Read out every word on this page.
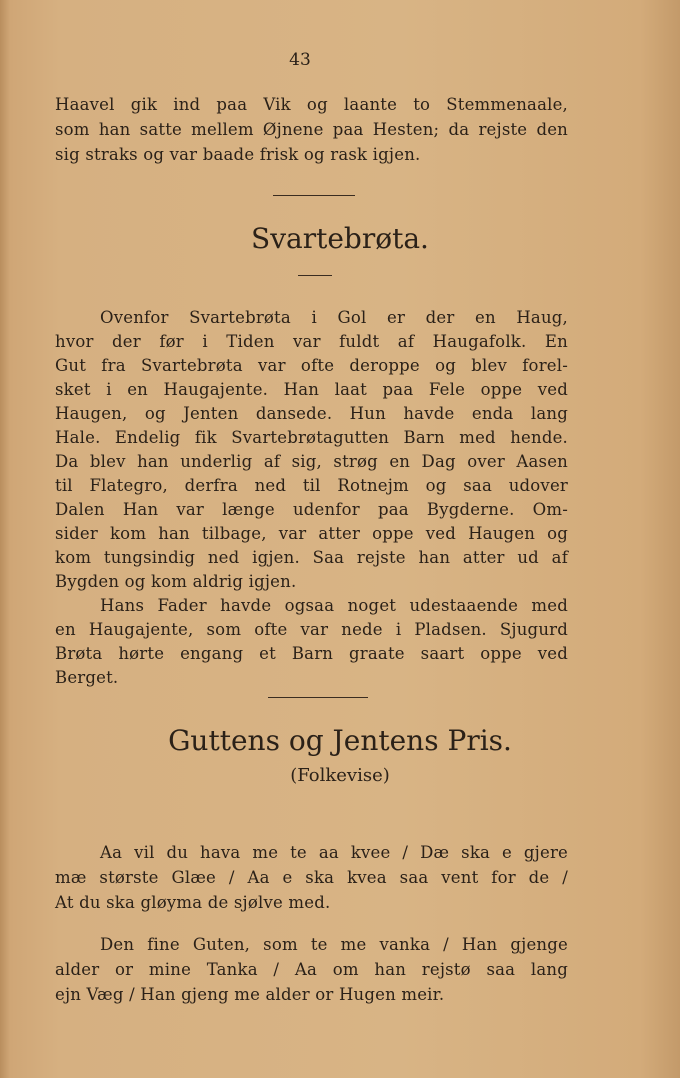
43
Haavel gik ind paa Vik og laante to Stemmenaale,
som han satte mellem Øjnene paa Hesten; da rejste den
sig straks og var baade frisk og rask igjen.
Svartebrøta.
Ovenfor Svartebrøta i Gol er der en Haug,
hvor der før i Tiden var fuldt af Haugafolk. En
Gut fra Svartebrøta var ofte deroppe og blev forel-
sket i en Haugajente. Han laat paa Fele oppe ved
Haugen, og Jenten dansede. Hun havde enda lang
Hale. Endelig fik Svartebrøtagutten Barn med hende.
Da blev han underlig af sig, strøg en Dag over Aasen
til Flategro, derfra ned til Rotnejm og saa udover
Dalen Han var længe udenfor paa Bygderne. Om-
sider kom han tilbage, var atter oppe ved Haugen og
kom tungsindig ned igjen. Saa rejste han atter ud af
Bygden og kom aldrig igjen.
Hans Fader havde ogsaa noget udestaaende med
en Haugajente, som ofte var nede i Pladsen. Sjugurd
Brøta hørte engang et Barn graate saart oppe ved
Berget.
Guttens og Jentens Pris.
(Folkevise)
Aa vil du hava me te aa kvee / Dæ ska e gjere
mæ største Glæe / Aa e ska kvea saa vent for de /
At du ska gløyma de sjølve med.
Den fine Guten, som te me vanka / Han gjenge
alder or mine Tanka / Aa om han rejstø saa lang
ejn Væg / Han gjeng me alder or Hugen meir.
